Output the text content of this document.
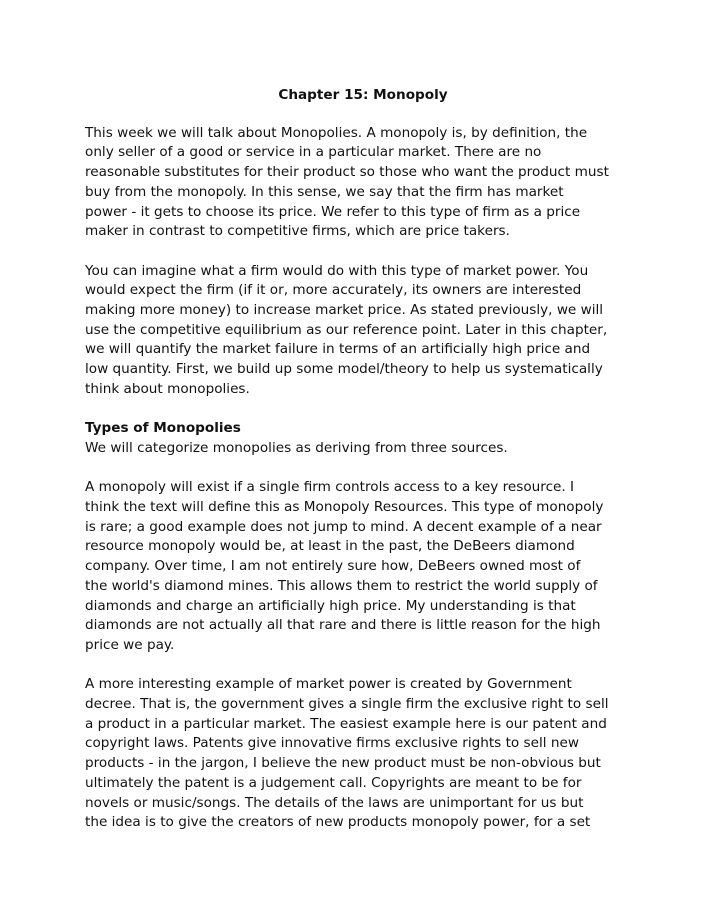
Chapter 15: Monopoly
This week we will talk about Monopolies. A monopoly is, by definition, the
only seller of a good or service in a particular market. There are no
reasonable substitutes for their product so those who want the product must
buy from the monopoly. In this sense, we say that the firm has market
power - it gets to choose its price. We refer to this type of firm as a price
maker in contrast to competitive firms, which are price takers.
You can imagine what a firm would do with this type of market power. You
would expect the firm (if it or, more accurately, its owners are interested
making more money) to increase market price. As stated previously, we will
use the competitive equilibrium as our reference point. Later in this chapter,
we will quantify the market failure in terms of an artificially high price and
low quantity. First, we build up some model/theory to help us systematically
think about monopolies.
Types of Monopolies
We will categorize monopolies as deriving from three sources.
A monopoly will exist if a single firm controls access to a key resource. I
think the text will define this as Monopoly Resources. This type of monopoly
is rare; a good example does not jump to mind. A decent example of a near
resource monopoly would be, at least in the past, the DeBeers diamond
company. Over time, I am not entirely sure how, DeBeers owned most of
the world's diamond mines. This allows them to restrict the world supply of
diamonds and charge an artificially high price. My understanding is that
diamonds are not actually all that rare and there is little reason for the high
price we pay.
A more interesting example of market power is created by Government
decree. That is, the government gives a single firm the exclusive right to sell
a product in a particular market. The easiest example here is our patent and
copyright laws. Patents give innovative firms exclusive rights to sell new
products - in the jargon, I believe the new product must be non-obvious but
ultimately the patent is a judgement call. Copyrights are meant to be for
novels or music/songs. The details of the laws are unimportant for us but
the idea is to give the creators of new products monopoly power, for a set
